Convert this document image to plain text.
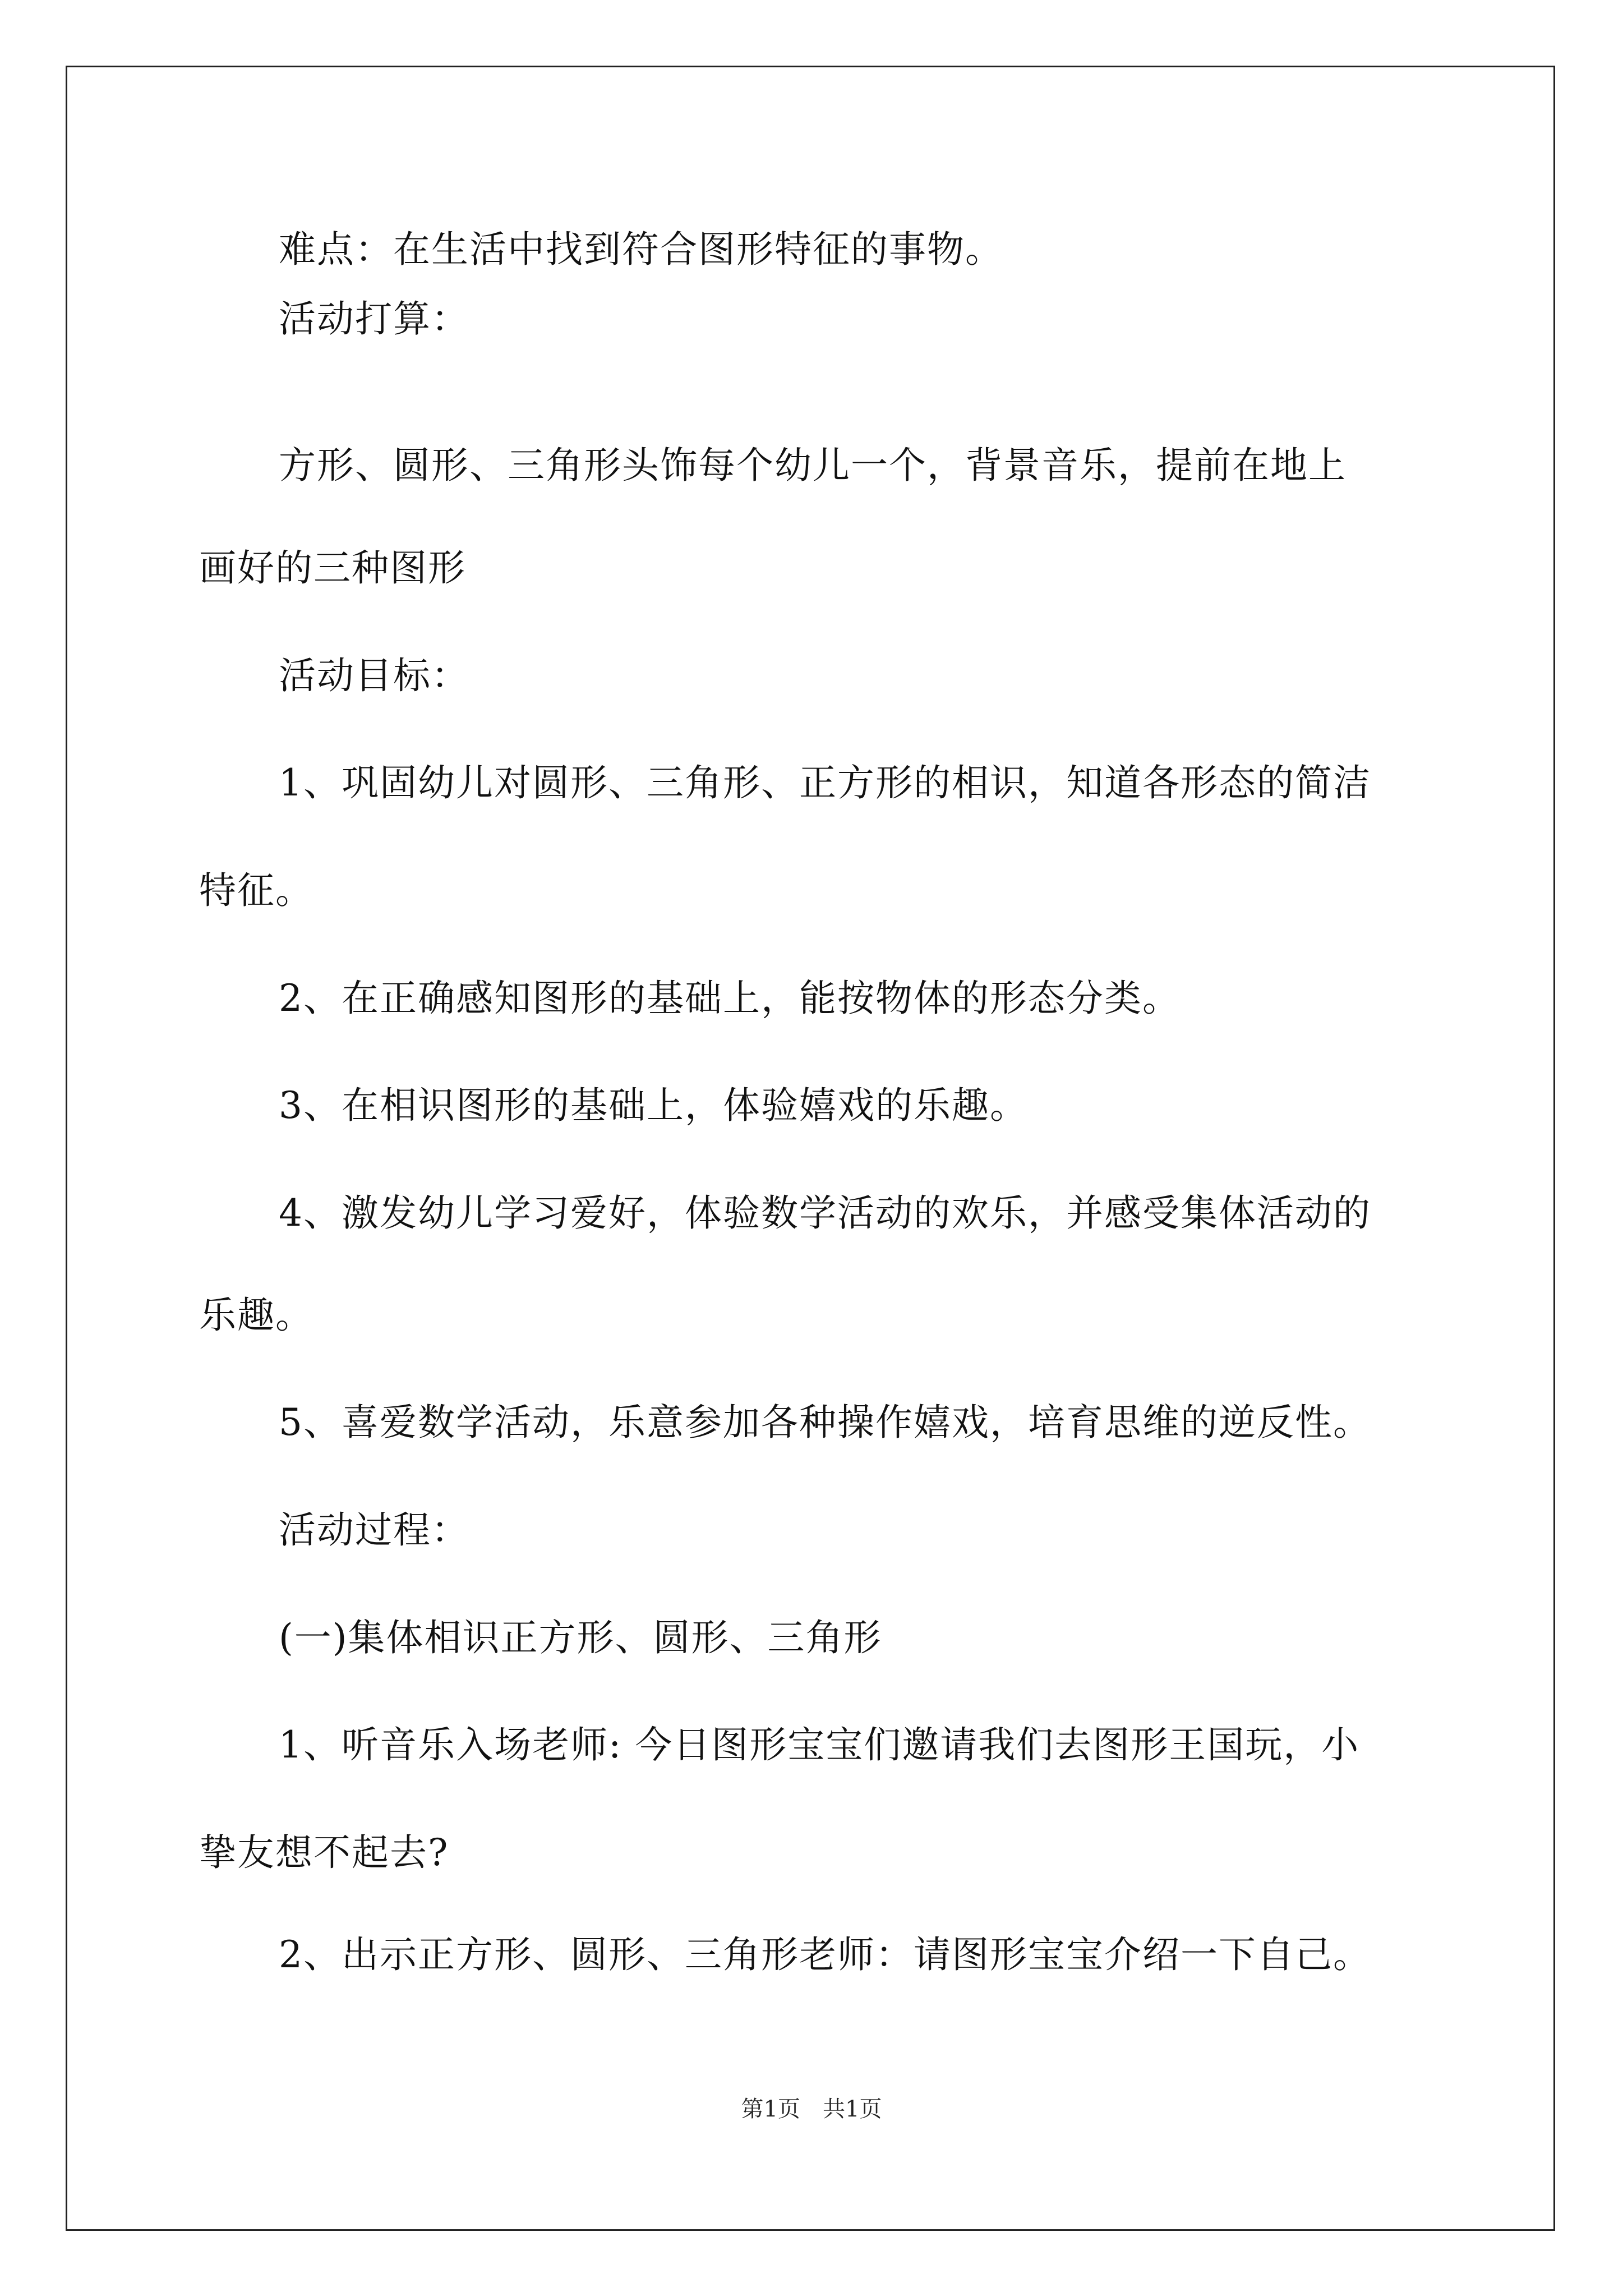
难点：在生活中找到符合图形特征的事物。

活动打算：

方形、圆形、三角形头饰每个幼儿一个，背景音乐，提前在地上

画好的三种图形

活动目标：

1、巩固幼儿对圆形、三角形、正方形的相识，知道各形态的简洁

特征。

2、在正确感知图形的基础上，能按物体的形态分类。

3、在相识图形的基础上，体验嬉戏的乐趣。

4、激发幼儿学习爱好，体验数学活动的欢乐，并感受集体活动的

乐趣。

5、喜爱数学活动，乐意参加各种操作嬉戏，培育思维的逆反性。

活动过程：

(一)集体相识正方形、圆形、三角形

1、听音乐入场老师: 今日图形宝宝们邀请我们去图形王国玩，小

挚友想不起去?

2、出示正方形、圆形、三角形老师：请图形宝宝介绍一下自己。

第1页　共1页
